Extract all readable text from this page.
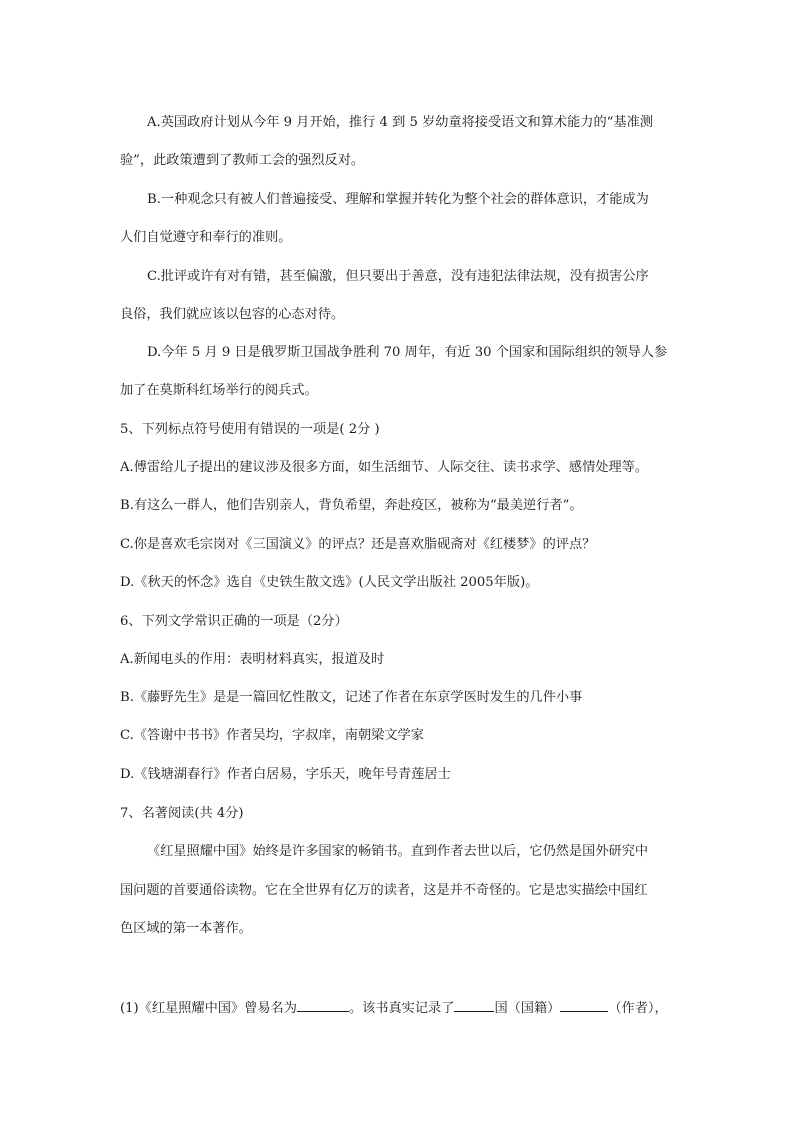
A.英国政府计划从今年 9 月开始，推行 4 到 5 岁幼童将接受语文和算术能力的“基准测
验”，此政策遭到了教师工会的强烈反对。
B.一种观念只有被人们普遍接受、理解和掌握并转化为整个社会的群体意识，才能成为
人们自觉遵守和奉行的准则。
C.批评或许有对有错，甚至偏激，但只要出于善意，没有违犯法律法规，没有损害公序
良俗，我们就应该以包容的心态对待。
D.今年 5 月 9 日是俄罗斯卫国战争胜利 70 周年，有近 30 个国家和国际组织的领导人参
加了在莫斯科红场举行的阅兵式。
5、下列标点符号使用有错误的一项是( 2分 )
A.傅雷给儿子提出的建议涉及很多方面，如生活细节、人际交往、读书求学、感情处理等。
B.有这么一群人，他们告别亲人，背负希望，奔赴疫区，被称为“最美逆行者”。
C.你是喜欢毛宗岗对《三国演义》的评点？还是喜欢脂砚斋对《红楼梦》的评点？
D.《秋天的怀念》选自《史铁生散文选》(人民文学出版社 2005年版)。
6、下列文学常识正确的一项是（2分）
A.新闻电头的作用：表明材料真实，报道及时
B.《藤野先生》是是一篇回忆性散文，记述了作者在东京学医时发生的几件小事
C.《答谢中书书》作者吴均，字叔庠，南朝梁文学家
D.《钱塘湖春行》作者白居易，字乐天，晚年号青莲居士
7、名著阅读(共 4分)
《红星照耀中国》始终是许多国家的畅销书。直到作者去世以后，它仍然是国外研究中
国问题的首要通俗读物。它在全世界有亿万的读者，这是并不奇怪的。它是忠实描绘中国红
色区域的第一本著作。
(1)《红星照耀中国》曾易名为	。该书真实记录了	国（国籍）	（作者），
